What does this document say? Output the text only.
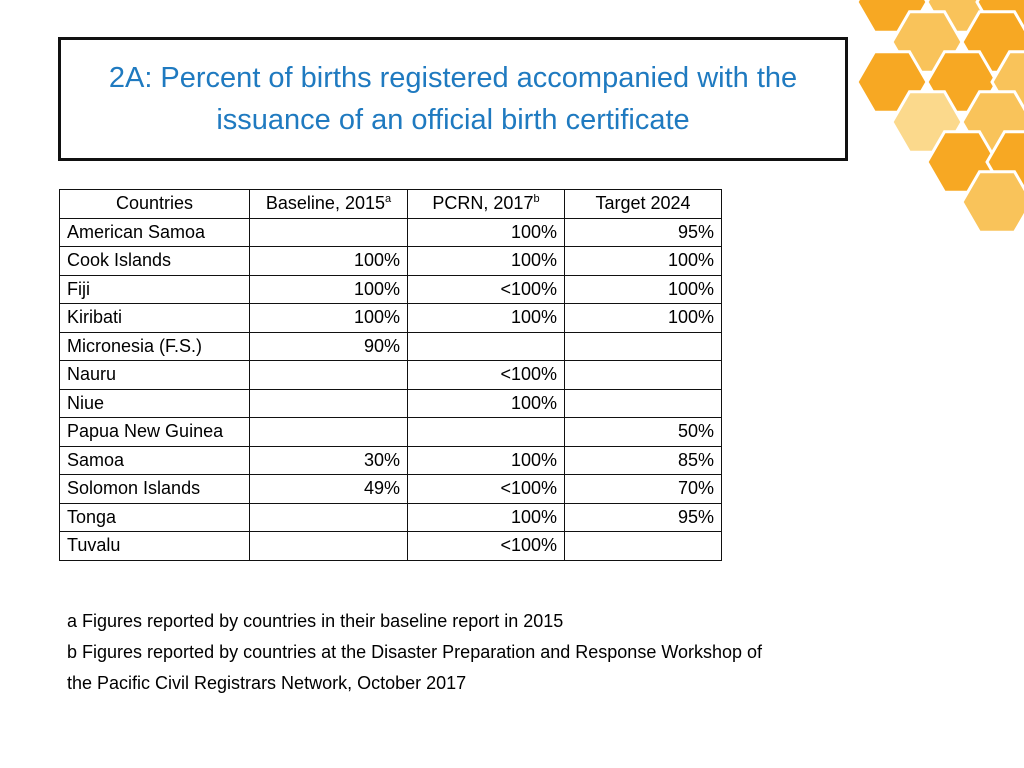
2A: Percent of births registered accompanied with the issuance of an official birth certificate
Countries	Baseline, 2015$^a$	PCRN, 2017$^b$	Target 2024
American Samoa		100%	95%
Cook Islands	100%	100%	100%
Fiji	100%	<100%	100%
Kiribati	100%	100%	100%
Micronesia (F.S.)	90%		
Nauru		<100%	
Niue		100%	
Papua New Guinea			50%
Samoa	30%	100%	85%
Solomon Islands	49%	<100%	70%
Tonga		100%	95%
Tuvalu		<100%	
a Figures reported by countries in their baseline report in 2015
b Figures reported by countries at the Disaster Preparation and Response Workshop of
the Pacific Civil Registrars Network, October 2017
